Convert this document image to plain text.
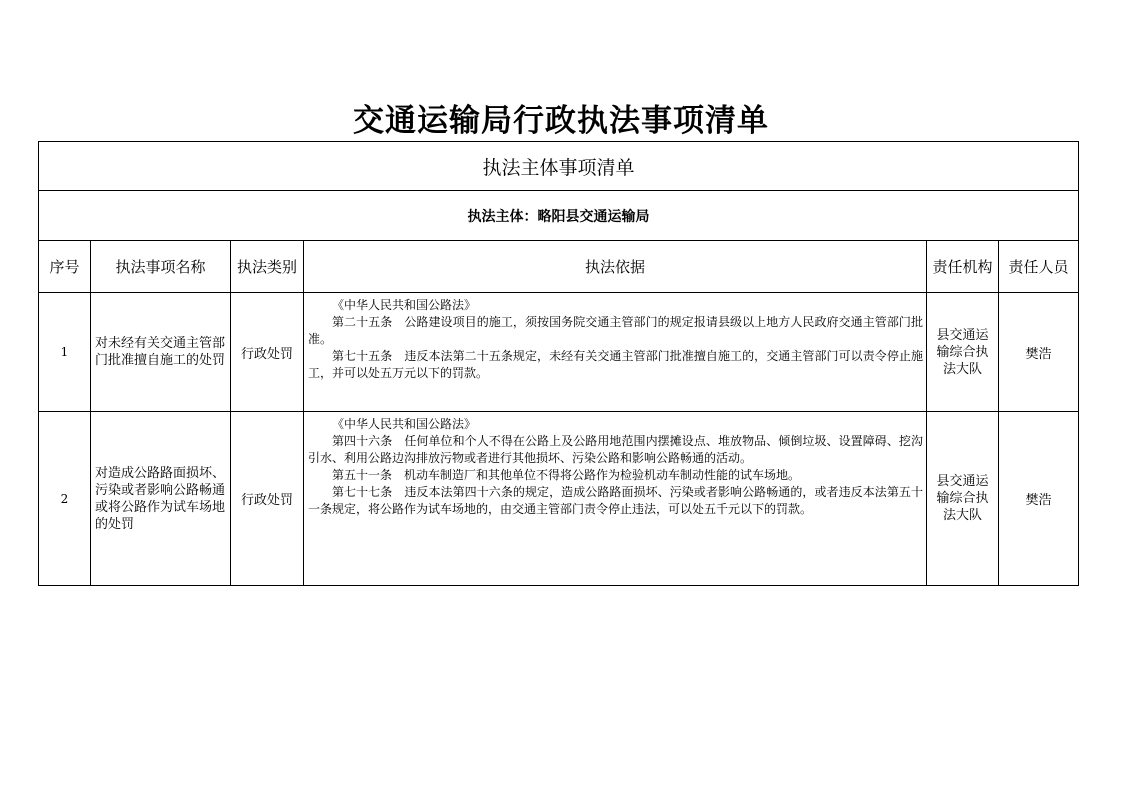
交通运输局行政执法事项清单
执法主体事项清单					
执法主体：略阳县交通运输局					
序号	执法事项名称	执法类别	执法依据	责任机构	责任人员
1	对未经有关交通主管部门批准擅自施工的处罚	行政处罚	《中华人民共和国公路法》

第二十五条　公路建设项目的施工，须按国务院交通主管部门的规定报请县级以上地方人民政府交通主管部门批准。

第七十五条　违反本法第二十五条规定，未经有关交通主管部门批准擅自施工的，交通主管部门可以责令停止施工，并可以处五万元以下的罚款。	县交通运输综合执法大队	樊浩
2	对造成公路路面损坏、污染或者影响公路畅通或将公路作为试车场地的处罚	行政处罚	《中华人民共和国公路法》

第四十六条　任何单位和个人不得在公路上及公路用地范围内摆摊设点、堆放物品、倾倒垃圾、设置障碍、挖沟引水、利用公路边沟排放污物或者进行其他损坏、污染公路和影响公路畅通的活动。

第五十一条　机动车制造厂和其他单位不得将公路作为检验机动车制动性能的试车场地。

第七十七条　违反本法第四十六条的规定，造成公路路面损坏、污染或者影响公路畅通的，或者违反本法第五十一条规定，将公路作为试车场地的，由交通主管部门责令停止违法，可以处五千元以下的罚款。	县交通运输综合执法大队	樊浩
